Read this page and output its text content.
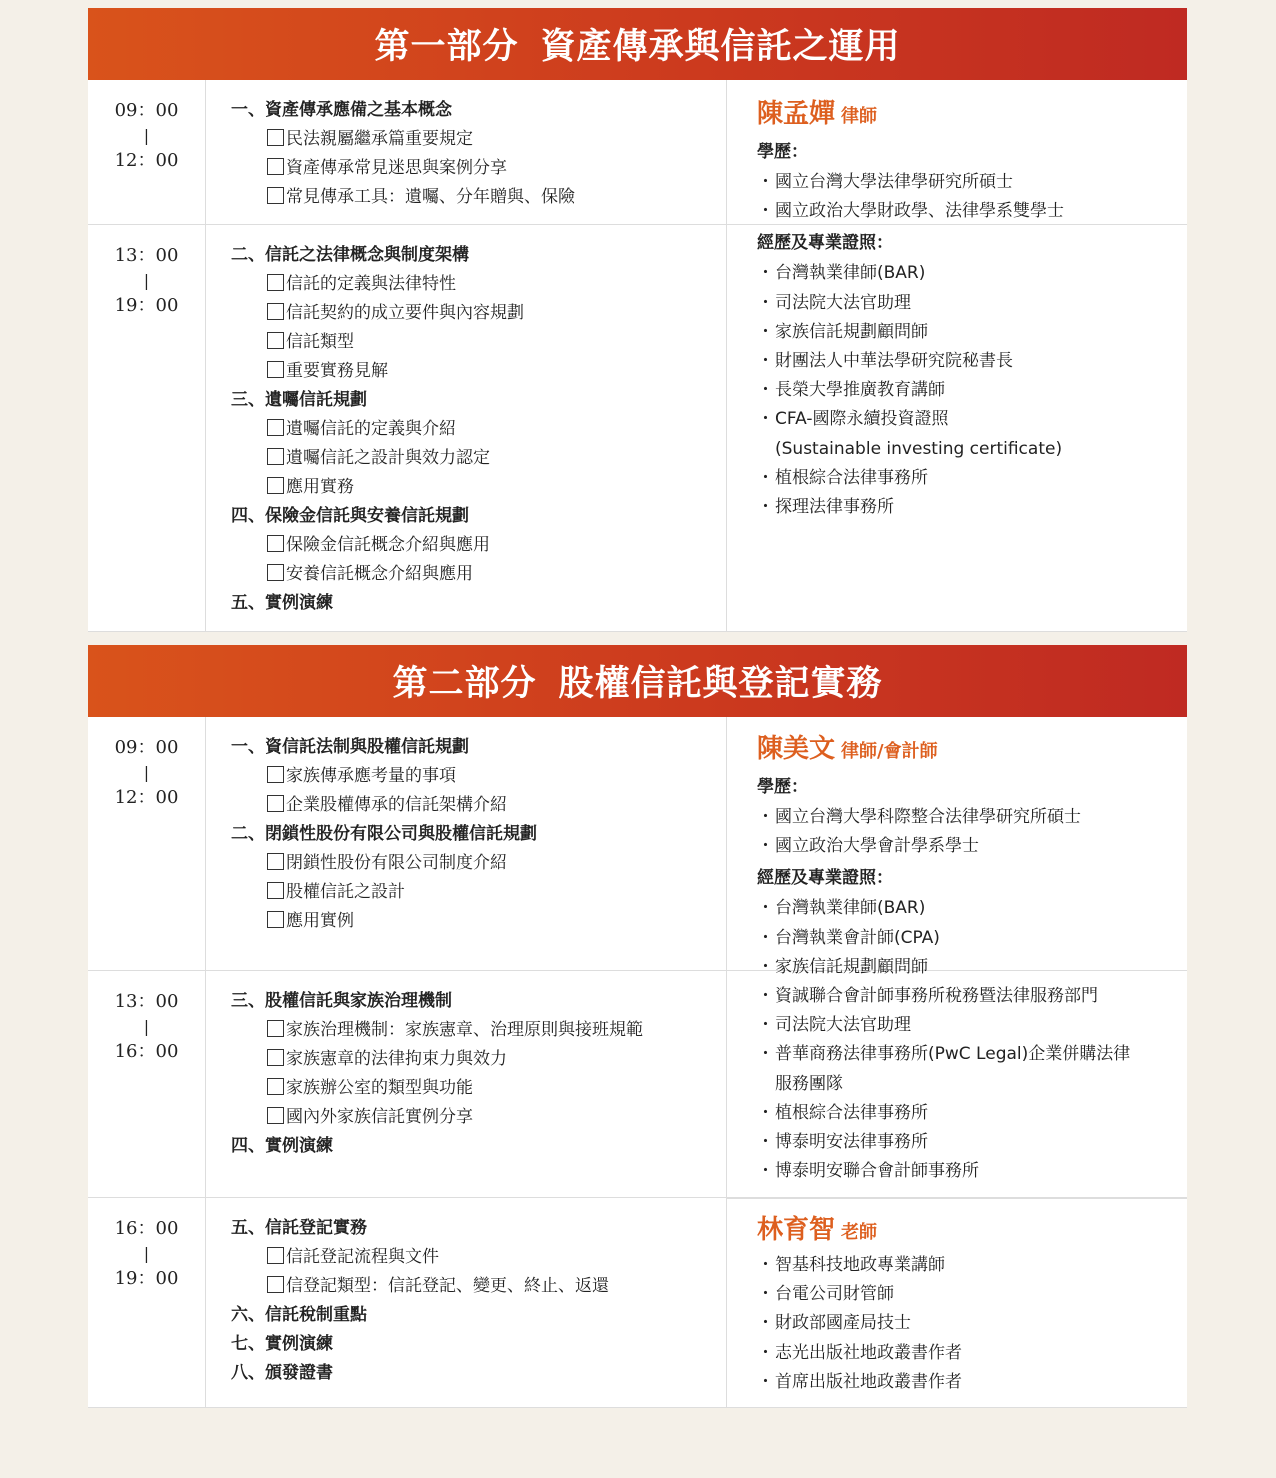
第一部分 資產傳承與信託之運用
09：00
|
12：00
一、資產傳承應備之基本概念
民法親屬繼承篇重要規定
資產傳承常見迷思與案例分享
常見傳承工具：遺囑、分年贈與、保險
13：00
|
19：00
二、信託之法律概念與制度架構
信託的定義與法律特性
信託契約的成立要件與內容規劃
信託類型
重要實務見解
三、遺囑信託規劃
遺囑信託的定義與介紹
遺囑信託之設計與效力認定
應用實務
四、保險金信託與安養信託規劃
保險金信託概念介紹與應用
安養信託概念介紹與應用
五、實例演練
陳孟嬋 律師
學歷：
・國立台灣大學法律學研究所碩士
・國立政治大學財政學、法律學系雙學士
經歷及專業證照：
・台灣執業律師(BAR)
・司法院大法官助理
・家族信託規劃顧問師
・財團法人中華法學研究院秘書長
・長榮大學推廣教育講師
・CFA-國際永續投資證照
(Sustainable investing certificate)
・植根綜合法律事務所
・探理法律事務所
第二部分 股權信託與登記實務
09：00
|
12：00
一、資信託法制與股權信託規劃
家族傳承應考量的事項
企業股權傳承的信託架構介紹
二、閉鎖性股份有限公司與股權信託規劃
閉鎖性股份有限公司制度介紹
股權信託之設計
應用實例
13：00
|
16：00
三、股權信託與家族治理機制
家族治理機制：家族憲章、治理原則與接班規範
家族憲章的法律拘束力與效力
家族辦公室的類型與功能
國內外家族信託實例分享
四、實例演練
16：00
|
19：00
五、信託登記實務
信託登記流程與文件
信登記類型：信託登記、變更、終止、返還
六、信託稅制重點
七、實例演練
八、頒發證書
陳美文 律師/會計師
學歷：
・國立台灣大學科際整合法律學研究所碩士
・國立政治大學會計學系學士
經歷及專業證照：
・台灣執業律師(BAR)
・台灣執業會計師(CPA)
・家族信託規劃顧問師
・資誠聯合會計師事務所稅務暨法律服務部門
・司法院大法官助理
・普華商務法律事務所(PwC Legal)企業併購法律
服務團隊
・植根綜合法律事務所
・博泰明安法律事務所
・博泰明安聯合會計師事務所
林育智 老師
・智基科技地政專業講師
・台電公司財管師
・財政部國產局技士
・志光出版社地政叢書作者
・首席出版社地政叢書作者
